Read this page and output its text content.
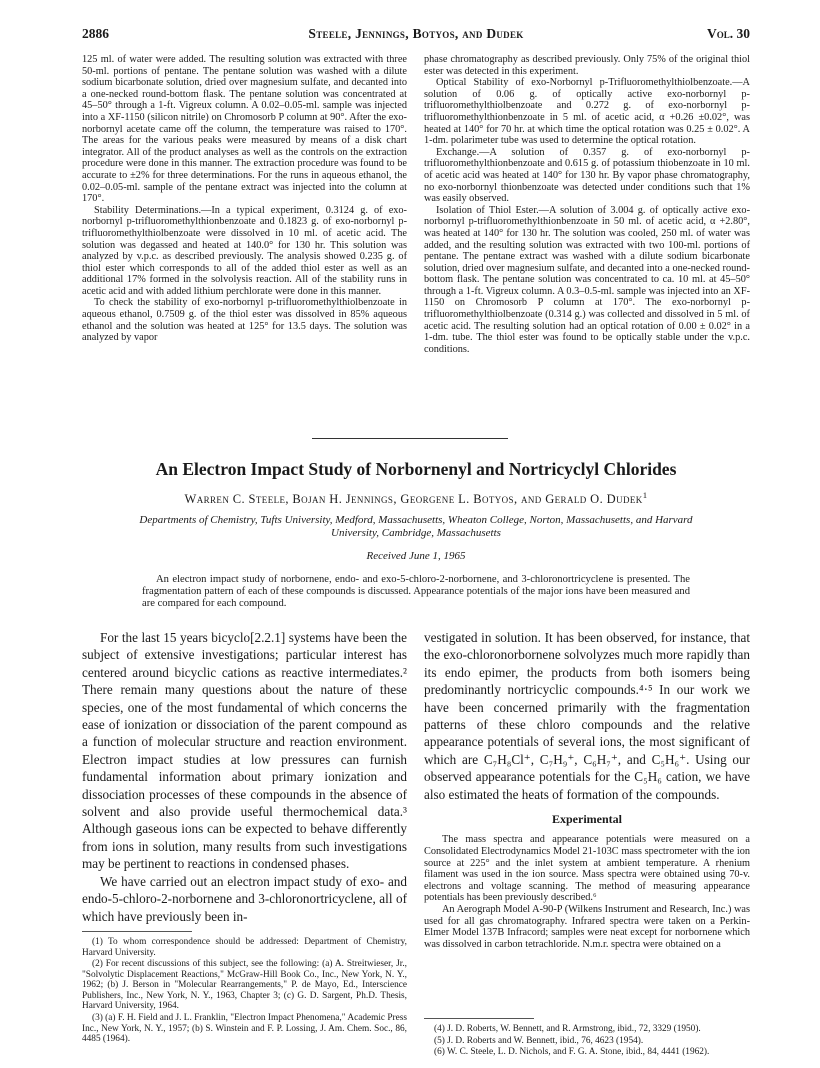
Steele, Jennings, Botyos, and Dudek
2886	Vol. 30

125 ml. of water were added. The resulting solution was extracted with three 50-ml. portions of pentane. The pentane solution was washed with a dilute sodium bicarbonate solution, dried over magnesium sulfate, and decanted into a one-necked round-bottom flask. The pentane solution was concentrated at 45–50° through a 1-ft. Vigreux column. A 0.02–0.05-ml. sample was injected into a XF-1150 (silicon nitrile) on Chromosorb P column at 90°. After the exo-norbornyl acetate came off the column, the temperature was raised to 170°. The areas for the various peaks were measured by means of a disk chart integrator. All of the product analyses as well as the controls on the extraction procedure were done in this manner. The extraction procedure was found to be accurate to ±2% for three determinations. For the runs in aqueous ethanol, the 0.02–0.05-ml. sample of the pentane extract was injected into the column at 170°.

Stability Determinations.—In a typical experiment, 0.3124 g. of exo-norbornyl p-trifluoromethylthionbenzoate and 0.1823 g. of exo-norbornyl p-trifluoromethylthiolbenzoate were dissolved in 10 ml. of acetic acid. The solution was degassed and heated at 140.0° for 130 hr. This solution was analyzed by v.p.c. as described previously. The analysis showed 0.235 g. of thiol ester which corresponds to all of the added thiol ester as well as an additional 17% formed in the solvolysis reaction. All of the stability runs in acetic acid and with added lithium perchlorate were done in this manner.

To check the stability of exo-norbornyl p-trifluoromethylthiolbenzoate in aqueous ethanol, 0.7509 g. of the thiol ester was dissolved in 85% aqueous ethanol and the solution was heated at 125° for 13.5 days. The solution was analyzed by vapor

phase chromatography as described previously. Only 75% of the original thiol ester was detected in this experiment.

Optical Stability of exo-Norbornyl p-Trifluoromethylthiolbenzoate.—A solution of 0.06 g. of optically active exo-norbornyl p-trifluoromethylthiolbenzoate and 0.272 g. of exo-norbornyl p-trifluoromethylthionbenzoate in 5 ml. of acetic acid, α +0.26 ±0.02°, was heated at 140° for 70 hr. at which time the optical rotation was 0.25 ± 0.02°. A 1-dm. polarimeter tube was used to determine the optical rotation.

Exchange.—A solution of 0.357 g. of exo-norbornyl p-trifluoromethylthionbenzoate and 0.615 g. of potassium thiobenzoate in 10 ml. of acetic acid was heated at 140° for 130 hr. By vapor phase chromatography, no exo-norbornyl thionbenzoate was detected under conditions such that 1% was easily observed.

Isolation of Thiol Ester.—A solution of 3.004 g. of optically active exo-norbornyl p-trifluoromethylthionbenzoate in 50 ml. of acetic acid, α +2.80°, was heated at 140° for 130 hr. The solution was cooled, 250 ml. of water was added, and the resulting solution was extracted with two 100-ml. portions of pentane. The pentane extract was washed with a dilute sodium bicarbonate solution, dried over magnesium sulfate, and decanted into a one-necked round-bottom flask. The pentane solution was concentrated to ca. 10 ml. at 45–50° through a 1-ft. Vigreux column. A 0.3–0.5-ml. sample was injected into an XF-1150 on Chromosorb P column at 170°. The exo-norbornyl p-trifluoromethylthiolbenzoate (0.314 g.) was collected and dissolved in 5 ml. of acetic acid. The resulting solution had an optical rotation of 0.00 ± 0.02° in a 1-dm. tube. The thiol ester was found to be optically stable under the v.p.c. conditions.

An Electron Impact Study of Norbornenyl and Nortricyclyl Chlorides
Warren C. Steele, Bojan H. Jennings, Georgene L. Botyos, and Gerald O. Dudek$^1$
Departments of Chemistry, Tufts University, Medford, Massachusetts, Wheaton College, Norton, Massachusetts, and Harvard University, Cambridge, Massachusetts
Received June 1, 1965
An electron impact study of norbornene, endo- and exo-5-chloro-2-norbornene, and 3-chloronortricyclene is presented. The fragmentation pattern of each of these compounds is discussed. Appearance potentials of the major ions have been measured and are compared for each compound.

For the last 15 years bicyclo[2.2.1] systems have been the subject of extensive investigations; particular interest has centered around bicyclic cations as reactive intermediates.² There remain many questions about the nature of these species, one of the most fundamental of which concerns the ease of ionization or dissociation of the parent compound as a function of molecular structure and reaction environment. Electron impact studies at low pressures can furnish fundamental information about primary ionization and dissociation processes of these compounds in the absence of solvent and also provide useful thermochemical data.³ Although gaseous ions can be expected to behave differently from ions in solution, many results from such investigations may be pertinent to reactions in condensed phases.

We have carried out an electron impact study of exo- and endo-5-chloro-2-norbornene and 3-chloronortricyclene, all of which have previously been in-

(1) To whom correspondence should be addressed: Department of Chemistry, Harvard University.

(2) For recent discussions of this subject, see the following: (a) A. Streitwieser, Jr., "Solvolytic Displacement Reactions," McGraw-Hill Book Co., Inc., New York, N. Y., 1962; (b) J. Berson in "Molecular Rearrangements," P. de Mayo, Ed., Interscience Publishers, Inc., New York, N. Y., 1963, Chapter 3; (c) G. D. Sargent, Ph.D. Thesis, Harvard University, 1964.

(3) (a) F. H. Field and J. L. Franklin, "Electron Impact Phenomena," Academic Press Inc., New York, N. Y., 1957; (b) S. Winstein and F. P. Lossing, J. Am. Chem. Soc., 86, 4485 (1964).

vestigated in solution. It has been observed, for instance, that the exo-chloronorbornene solvolyzes much more rapidly than its endo epimer, the products from both isomers being predominantly nortricyclic compounds.⁴·⁵ In our work we have been concerned primarily with the fragmentation patterns of these chloro compounds and the relative appearance potentials of several ions, the most significant of which are C₇H₈Cl⁺, C₇H₉⁺, C₆H₇⁺, and C₅H₆⁺. Using our observed appearance potentials for the C₅H₆ cation, we have also estimated the heats of formation of the compounds.

Experimental

The mass spectra and appearance potentials were measured on a Consolidated Electrodynamics Model 21-103C mass spectrometer with the ion source at 225° and the inlet system at ambient temperature. A rhenium filament was used in the ion source. Mass spectra were obtained using 70-v. electrons and voltage scanning. The method of measuring appearance potentials has been previously described.⁶

An Aerograph Model A-90-P (Wilkens Instrument and Research, Inc.) was used for all gas chromatography. Infrared spectra were taken on a Perkin-Elmer Model 137B Infracord; samples were neat except for norbornene which was dissolved in carbon tetrachloride. N.m.r. spectra were obtained on a

(4) J. D. Roberts, W. Bennett, and R. Armstrong, ibid., 72, 3329 (1950).

(5) J. D. Roberts and W. Bennett, ibid., 76, 4623 (1954).

(6) W. C. Steele, L. D. Nichols, and F. G. A. Stone, ibid., 84, 4441 (1962).
